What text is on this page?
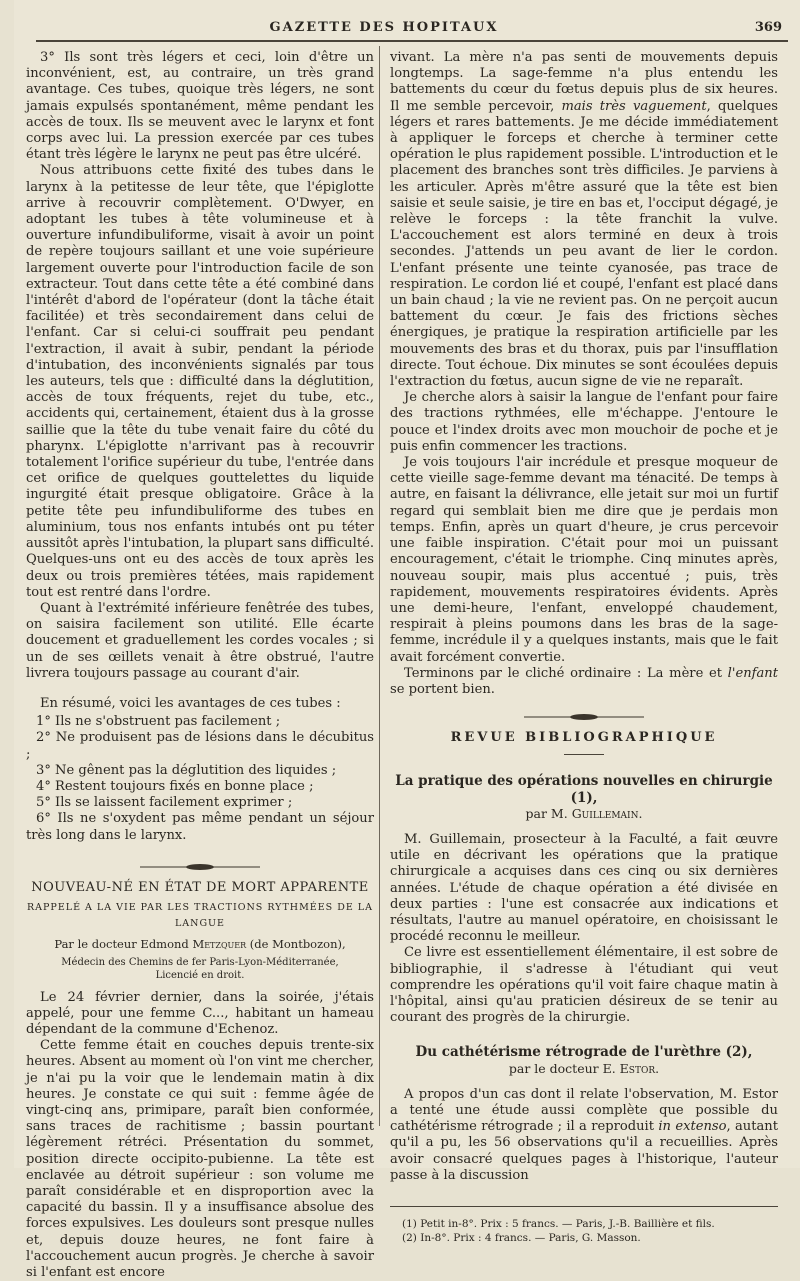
GAZETTE DES HOPITAUX	369

3° Ils sont très légers et ceci, loin d'être un inconvénient, est, au contraire, un très grand avantage. Ces tubes, quoique très légers, ne sont jamais expulsés spontanément, même pendant les accès de toux. Ils se meuvent avec le larynx et font corps avec lui. La pression exercée par ces tubes étant très légère le larynx ne peut pas être ulcéré.

Nous attribuons cette fixité des tubes dans le larynx à la petitesse de leur tête, que l'épiglotte arrive à recouvrir complètement. O'Dwyer, en adoptant les tubes à tête volumineuse et à ouverture infundibuliforme, visait à avoir un point de repère toujours saillant et une voie supérieure largement ouverte pour l'introduction facile de son extracteur. Tout dans cette tête a été combiné dans l'intérêt d'abord de l'opérateur (dont la tâche était facilitée) et très secondairement dans celui de l'enfant. Car si celui-ci souffrait peu pendant l'extraction, il avait à subir, pendant la période d'intubation, des inconvénients signalés par tous les auteurs, tels que : difficulté dans la déglutition, accès de toux fréquents, rejet du tube, etc., accidents qui, certainement, étaient dus à la grosse saillie que la tête du tube venait faire du côté du pharynx. L'épiglotte n'arrivant pas à recouvrir totalement l'orifice supérieur du tube, l'entrée dans cet orifice de quelques gouttelettes du liquide ingurgité était presque obligatoire. Grâce à la petite tête peu infundibuliforme des tubes en aluminium, tous nos enfants intubés ont pu téter aussitôt après l'intubation, la plupart sans difficulté. Quelques-uns ont eu des accès de toux après les deux ou trois premières tétées, mais rapidement tout est rentré dans l'ordre.

Quant à l'extrémité inférieure fenêtrée des tubes, on saisira facilement son utilité. Elle écarte doucement et graduellement les cordes vocales ; si un de ses œillets venait à être obstrué, l'autre livrera toujours passage au courant d'air.

En résumé, voici les avantages de ces tubes :

1° Ils ne s'obstruent pas facilement ;

2° Ne produisent pas de lésions dans le décubitus ;

3° Ne gênent pas la déglutition des liquides ;

4° Restent toujours fixés en bonne place ;

5° Ils se laissent facilement exprimer ;

6° Ils ne s'oxydent pas même pendant un séjour très long dans le larynx.

NOUVEAU-NÉ EN ÉTAT DE MORT APPARENTE
RAPPELÉ A LA VIE PAR LES TRACTIONS RYTHMÉES DE LA LANGUE
Par le docteur Edmond Metzquer (de Montbozon),
Médecin des Chemins de fer Paris-Lyon-Méditerranée,
Licencié en droit.

Le 24 février dernier, dans la soirée, j'étais appelé, pour une femme C..., habitant un hameau dépendant de la commune d'Echenoz.

Cette femme était en couches depuis trente-six heures. Absent au moment où l'on vint me chercher, je n'ai pu la voir que le lendemain matin à dix heures. Je constate ce qui suit : femme âgée de vingt-cinq ans, primipare, paraît bien conformée, sans traces de rachitisme ; bassin pourtant légèrement rétréci. Présentation du sommet, position directe occipito-pubienne. La tête est enclavée au détroit supérieur : son volume me paraît considérable et en disproportion avec la capacité du bassin. Il y a insuffisance absolue des forces expulsives. Les douleurs sont presque nulles et, depuis douze heures, ne font faire à l'accouchement aucun progrès. Je cherche à savoir si l'enfant est encore

vivant. La mère n'a pas senti de mouvements depuis longtemps. La sage-femme n'a plus entendu les battements du cœur du fœtus depuis plus de six heures. Il me semble percevoir, mais très vaguement, quelques légers et rares battements. Je me décide immédiatement à appliquer le forceps et cherche à terminer cette opération le plus rapidement possible. L'introduction et le placement des branches sont très difficiles. Je parviens à les articuler. Après m'être assuré que la tête est bien saisie et seule saisie, je tire en bas et, l'occiput dégagé, je relève le forceps : la tête franchit la vulve. L'accouchement est alors terminé en deux à trois secondes. J'attends un peu avant de lier le cordon. L'enfant présente une teinte cyanosée, pas trace de respiration. Le cordon lié et coupé, l'enfant est placé dans un bain chaud ; la vie ne revient pas. On ne perçoit aucun battement du cœur. Je fais des frictions sèches énergiques, je pratique la respiration artificielle par les mouvements des bras et du thorax, puis par l'insufflation directe. Tout échoue. Dix minutes se sont écoulées depuis l'extraction du fœtus, aucun signe de vie ne reparaît.

Je cherche alors à saisir la langue de l'enfant pour faire des tractions rythmées, elle m'échappe. J'entoure le pouce et l'index droits avec mon mouchoir de poche et je puis enfin commencer les tractions.

Je vois toujours l'air incrédule et presque moqueur de cette vieille sage-femme devant ma ténacité. De temps à autre, en faisant la délivrance, elle jetait sur moi un furtif regard qui semblait bien me dire que je perdais mon temps. Enfin, après un quart d'heure, je crus percevoir une faible inspiration. C'était pour moi un puissant encouragement, c'était le triomphe. Cinq minutes après, nouveau soupir, mais plus accentué ; puis, très rapidement, mouvements respiratoires évidents. Après une demi-heure, l'enfant, enveloppé chaudement, respirait à pleins poumons dans les bras de la sage-femme, incrédule il y a quelques instants, mais que le fait avait forcément convertie.

Terminons par le cliché ordinaire : La mère et l'enfant se portent bien.

REVUE BIBLIOGRAPHIQUE
La pratique des opérations nouvelles en chirurgie (1),
par M. Guillemain.

M. Guillemain, prosecteur à la Faculté, a fait œuvre utile en décrivant les opérations que la pratique chirurgicale a acquises dans ces cinq ou six dernières années. L'étude de chaque opération a été divisée en deux parties : l'une est consacrée aux indications et résultats, l'autre au manuel opératoire, en choisissant le procédé reconnu le meilleur.

Ce livre est essentiellement élémentaire, il est sobre de bibliographie, il s'adresse à l'étudiant qui veut comprendre les opérations qu'il voit faire chaque matin à l'hôpital, ainsi qu'au praticien désireux de se tenir au courant des progrès de la chirurgie.

Du cathétérisme rétrograde de l'urèthre (2),
par le docteur E. Estor.

A propos d'un cas dont il relate l'observation, M. Estor a tenté une étude aussi complète que possible du cathétérisme rétrograde ; il a reproduit in extenso, autant qu'il a pu, les 56 observations qu'il a recueillies. Après avoir consacré quelques pages à l'historique, l'auteur passe à la discussion

(1) Petit in-8°. Prix : 5 francs. — Paris, J.-B. Baillière et fils.

(2) In-8°. Prix : 4 francs. — Paris, G. Masson.
